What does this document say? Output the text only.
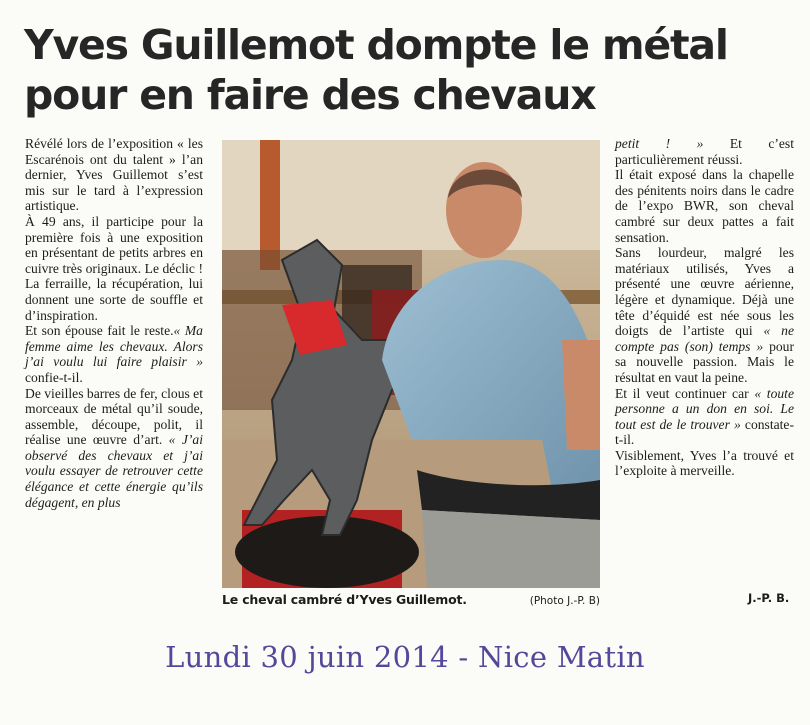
Yves Guillemot dompte le métal
pour en faire des chevaux

Révélé lors de l’exposition « les Escarénois ont du talent » l’an dernier, Yves Guillemot s’est mis sur le tard à l’expression artistique.

À 49 ans, il participe pour la première fois à une exposition en présentant de petits arbres en cuivre très originaux. Le déclic ! La ferraille, la récupération, lui donnent une sorte de souffle et d’inspiration.

Et son épouse fait le reste.« Ma femme aime les chevaux. Alors j’ai voulu lui faire plaisir » confie-t-il.

De vieilles barres de fer, clous et morceaux de métal qu’il soude, assemble, découpe, polit, il réalise une œuvre d’art. « J’ai observé des chevaux et j’ai voulu essayer de retrouver cette élégance et cette énergie qu’ils dégagent, en plus

Le cheval cambré d’Yves Guillemot.	(Photo J.-P. B)

petit ! » Et c’est particulièrement réussi.

Il était exposé dans la chapelle des pénitents noirs dans le cadre de l’expo BWR, son cheval cambré sur deux pattes a fait sensation.

Sans lourdeur, malgré les matériaux utilisés, Yves a présenté une œuvre aérienne, légère et dynamique. Déjà une tête d’équidé est née sous les doigts de l’artiste qui « ne compte pas (son) temps » pour sa nouvelle passion. Mais le résultat en vaut la peine.

Et il veut continuer car « toute personne a un don en soi. Le tout est de le trouver » constate-t-il.

Visiblement, Yves l’a trouvé et l’exploite à merveille.

J.-P. B.
Lundi 30 juin 2014 - Nice Matin
